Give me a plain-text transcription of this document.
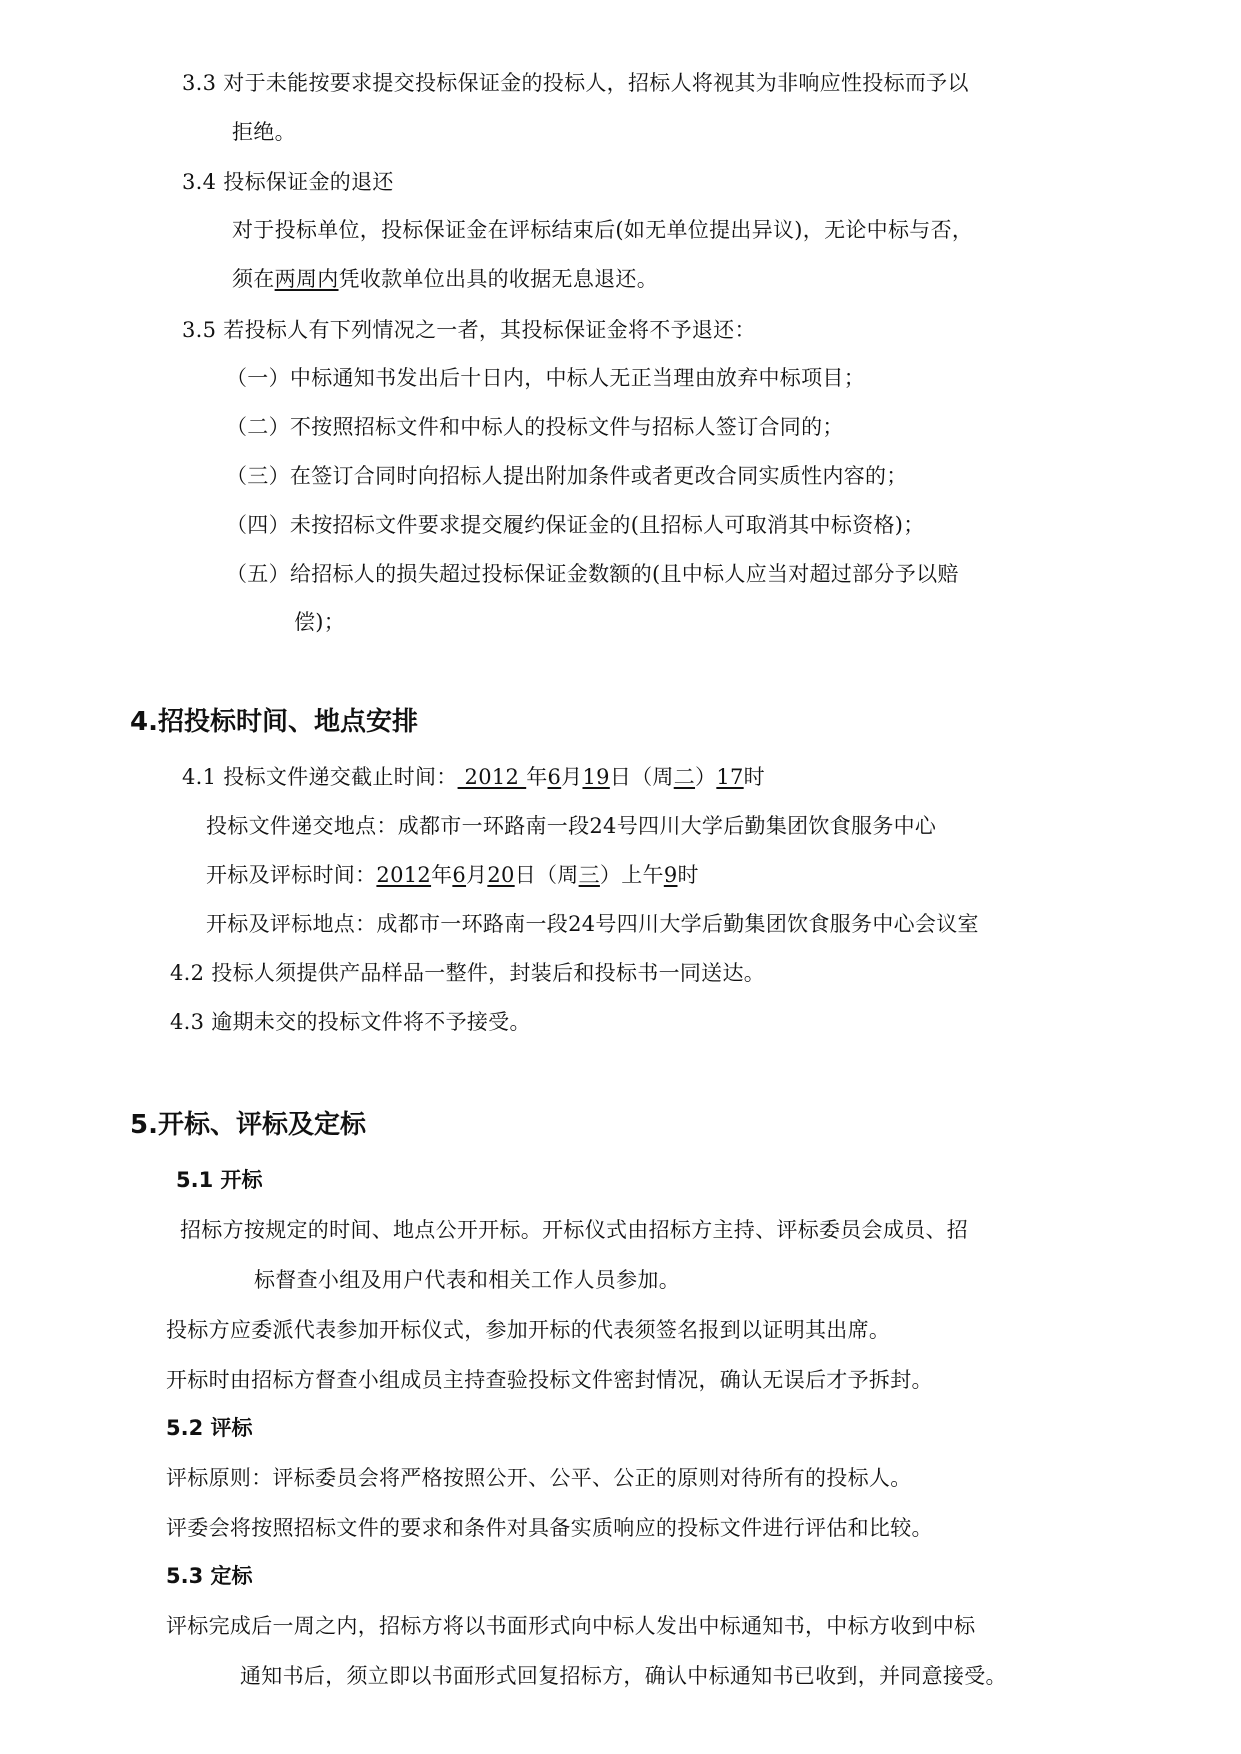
3.3 对于未能按要求提交投标保证金的投标人，招标人将视其为非响应性投标而予以
拒绝。
3.4 投标保证金的退还
对于投标单位，投标保证金在评标结束后(如无单位提出异议)，无论中标与否，
须在两周内凭收款单位出具的收据无息退还。
3.5 若投标人有下列情况之一者，其投标保证金将不予退还：
（一）中标通知书发出后十日内，中标人无正当理由放弃中标项目；
（二）不按照招标文件和中标人的投标文件与招标人签订合同的；
（三）在签订合同时向招标人提出附加条件或者更改合同实质性内容的；
（四）未按招标文件要求提交履约保证金的(且招标人可取消其中标资格)；
（五）给招标人的损失超过投标保证金数额的(且中标人应当对超过部分予以赔
偿)；
4.招投标时间、地点安排
4.1 投标文件递交截止时间： 2012 年6月19日（周二）17时
投标文件递交地点：成都市一环路南一段24号四川大学后勤集团饮食服务中心
开标及评标时间：2012年6月20日（周三）上午9时
开标及评标地点：成都市一环路南一段24号四川大学后勤集团饮食服务中心会议室
4.2 投标人须提供产品样品一整件，封装后和投标书一同送达。
4.3 逾期未交的投标文件将不予接受。
5.开标、评标及定标
5.1 开标
招标方按规定的时间、地点公开开标。开标仪式由招标方主持、评标委员会成员、招
标督查小组及用户代表和相关工作人员参加。
投标方应委派代表参加开标仪式，参加开标的代表须签名报到以证明其出席。
开标时由招标方督查小组成员主持查验投标文件密封情况，确认无误后才予拆封。
5.2 评标
评标原则：评标委员会将严格按照公开、公平、公正的原则对待所有的投标人。
评委会将按照招标文件的要求和条件对具备实质响应的投标文件进行评估和比较。
5.3 定标
评标完成后一周之内，招标方将以书面形式向中标人发出中标通知书，中标方收到中标
通知书后，须立即以书面形式回复招标方，确认中标通知书已收到，并同意接受。
